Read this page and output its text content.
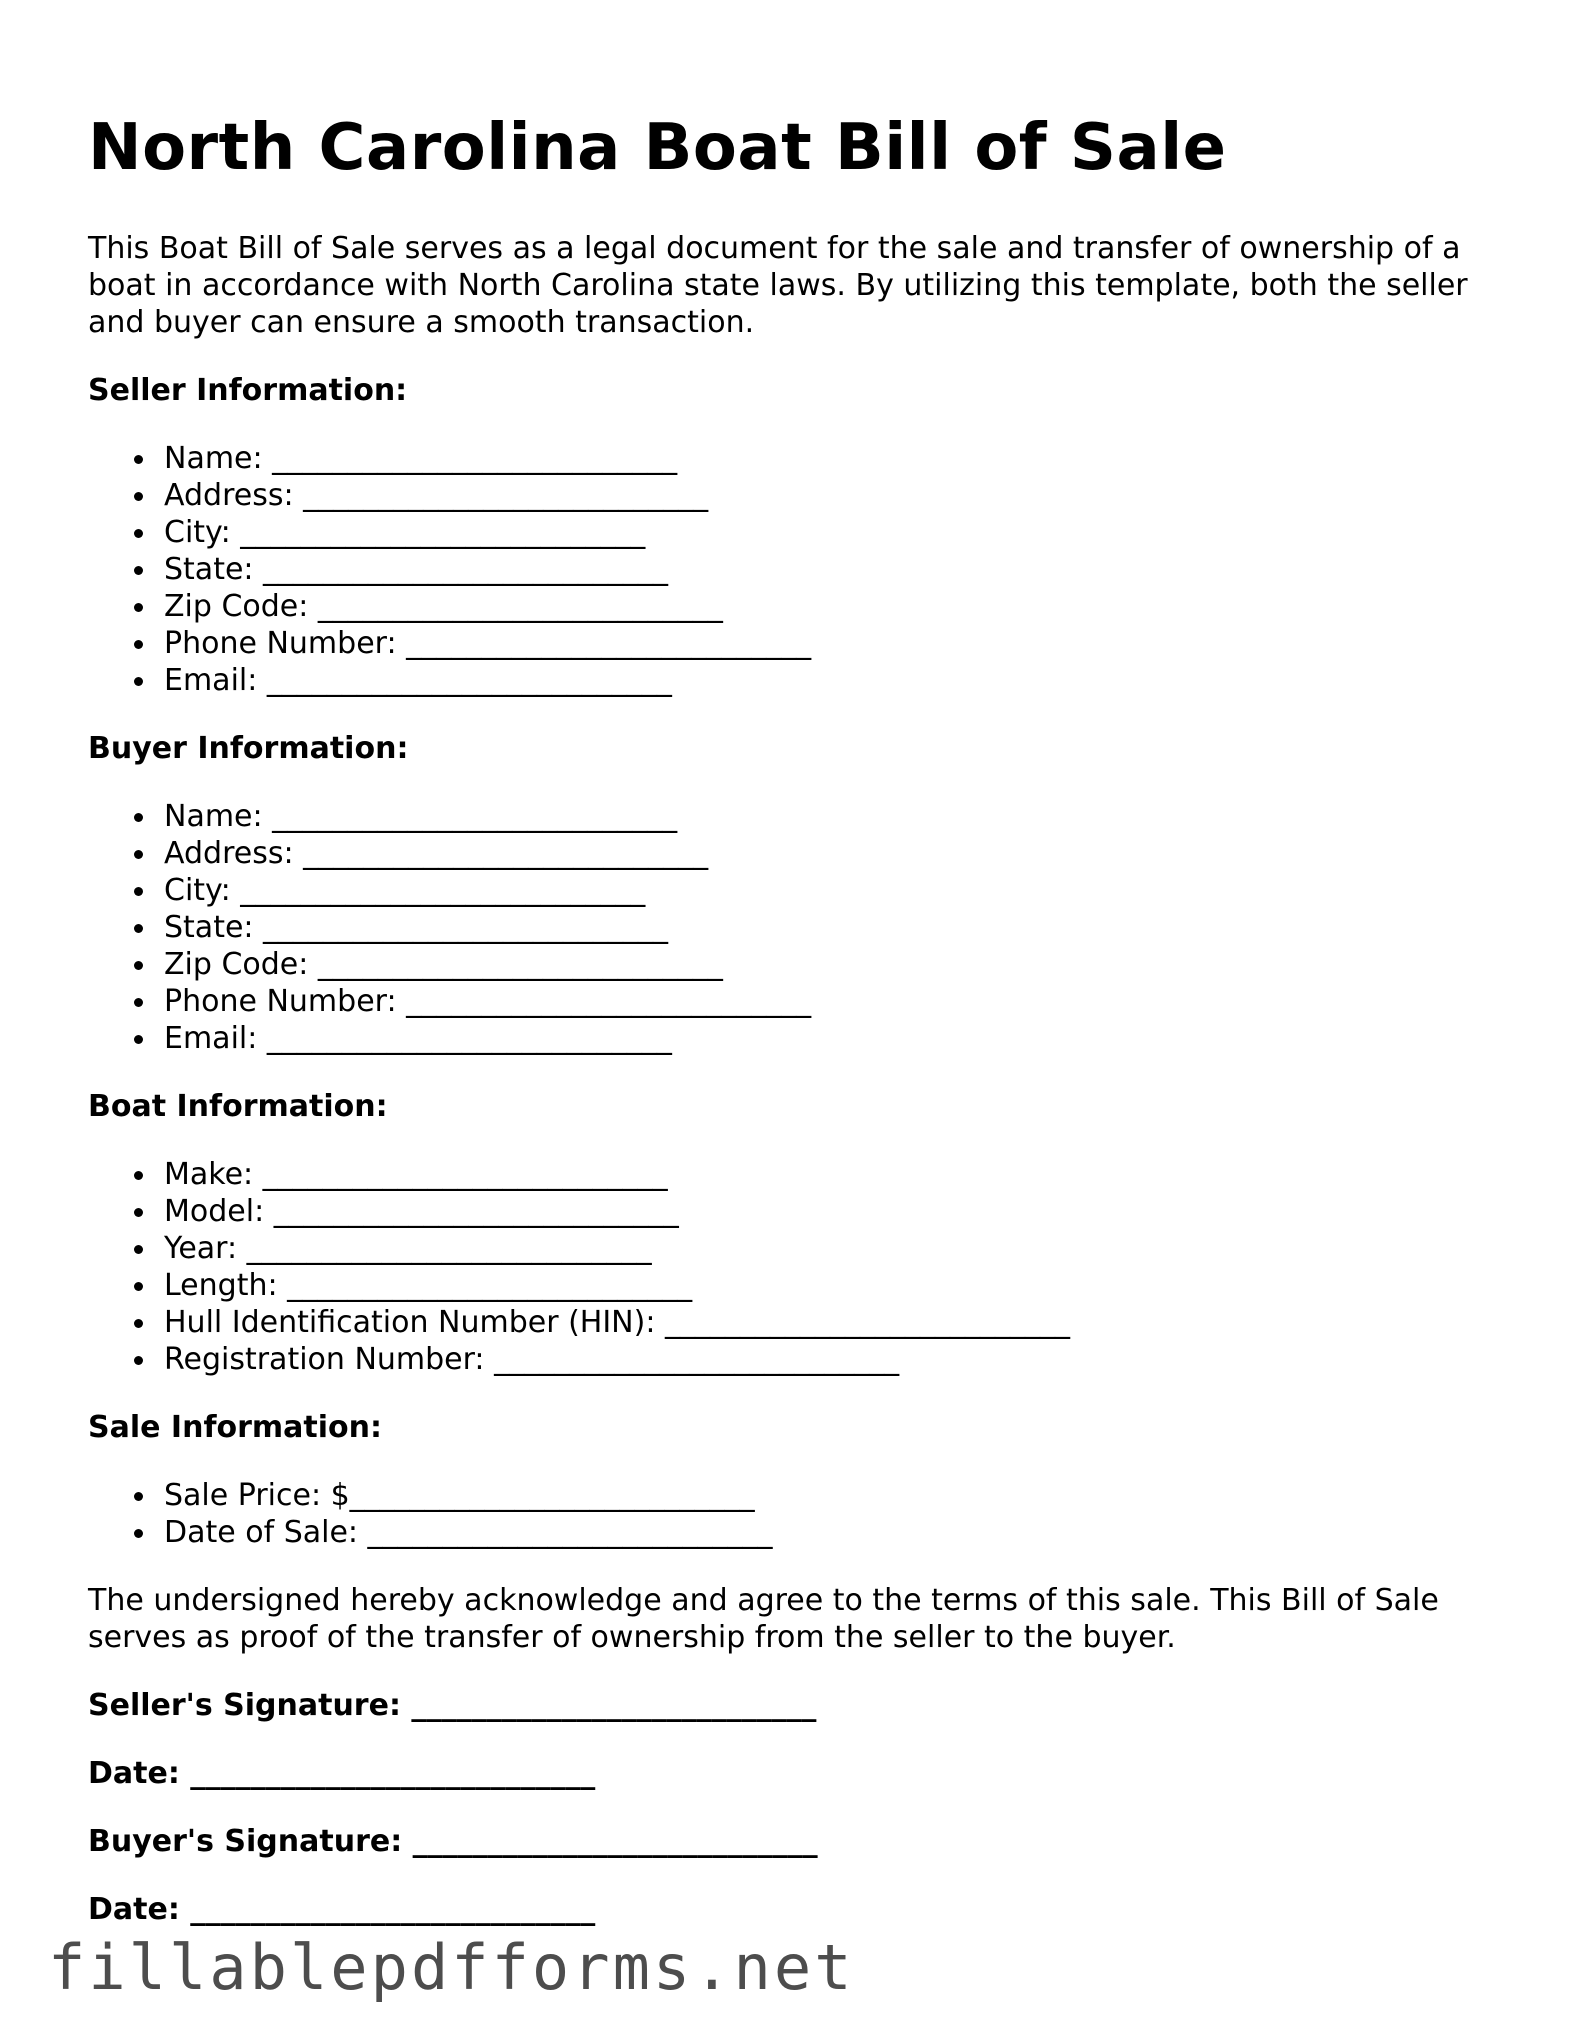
North Carolina Boat Bill of Sale

This Boat Bill of Sale serves as a legal document for the sale and transfer of ownership of a boat in accordance with North Carolina state laws. By utilizing this template, both the seller and buyer can ensure a smooth transaction.

Seller Information:
Name: ___________________________
Address: ___________________________
City: ___________________________
State: ___________________________
Zip Code: ___________________________
Phone Number: ___________________________
Email: ___________________________
Buyer Information:
Name: ___________________________
Address: ___________________________
City: ___________________________
State: ___________________________
Zip Code: ___________________________
Phone Number: ___________________________
Email: ___________________________
Boat Information:
Make: ___________________________
Model: ___________________________
Year: ___________________________
Length: ___________________________
Hull Identification Number (HIN): ___________________________
Registration Number: ___________________________
Sale Information:
Sale Price: $___________________________
Date of Sale: ___________________________

The undersigned hereby acknowledge and agree to the terms of this sale. This Bill of Sale serves as proof of the transfer of ownership from the seller to the buyer.

Seller's Signature: ___________________________
Date: ___________________________
Buyer's Signature: ___________________________
Date: ___________________________
fillablepdfforms.net
